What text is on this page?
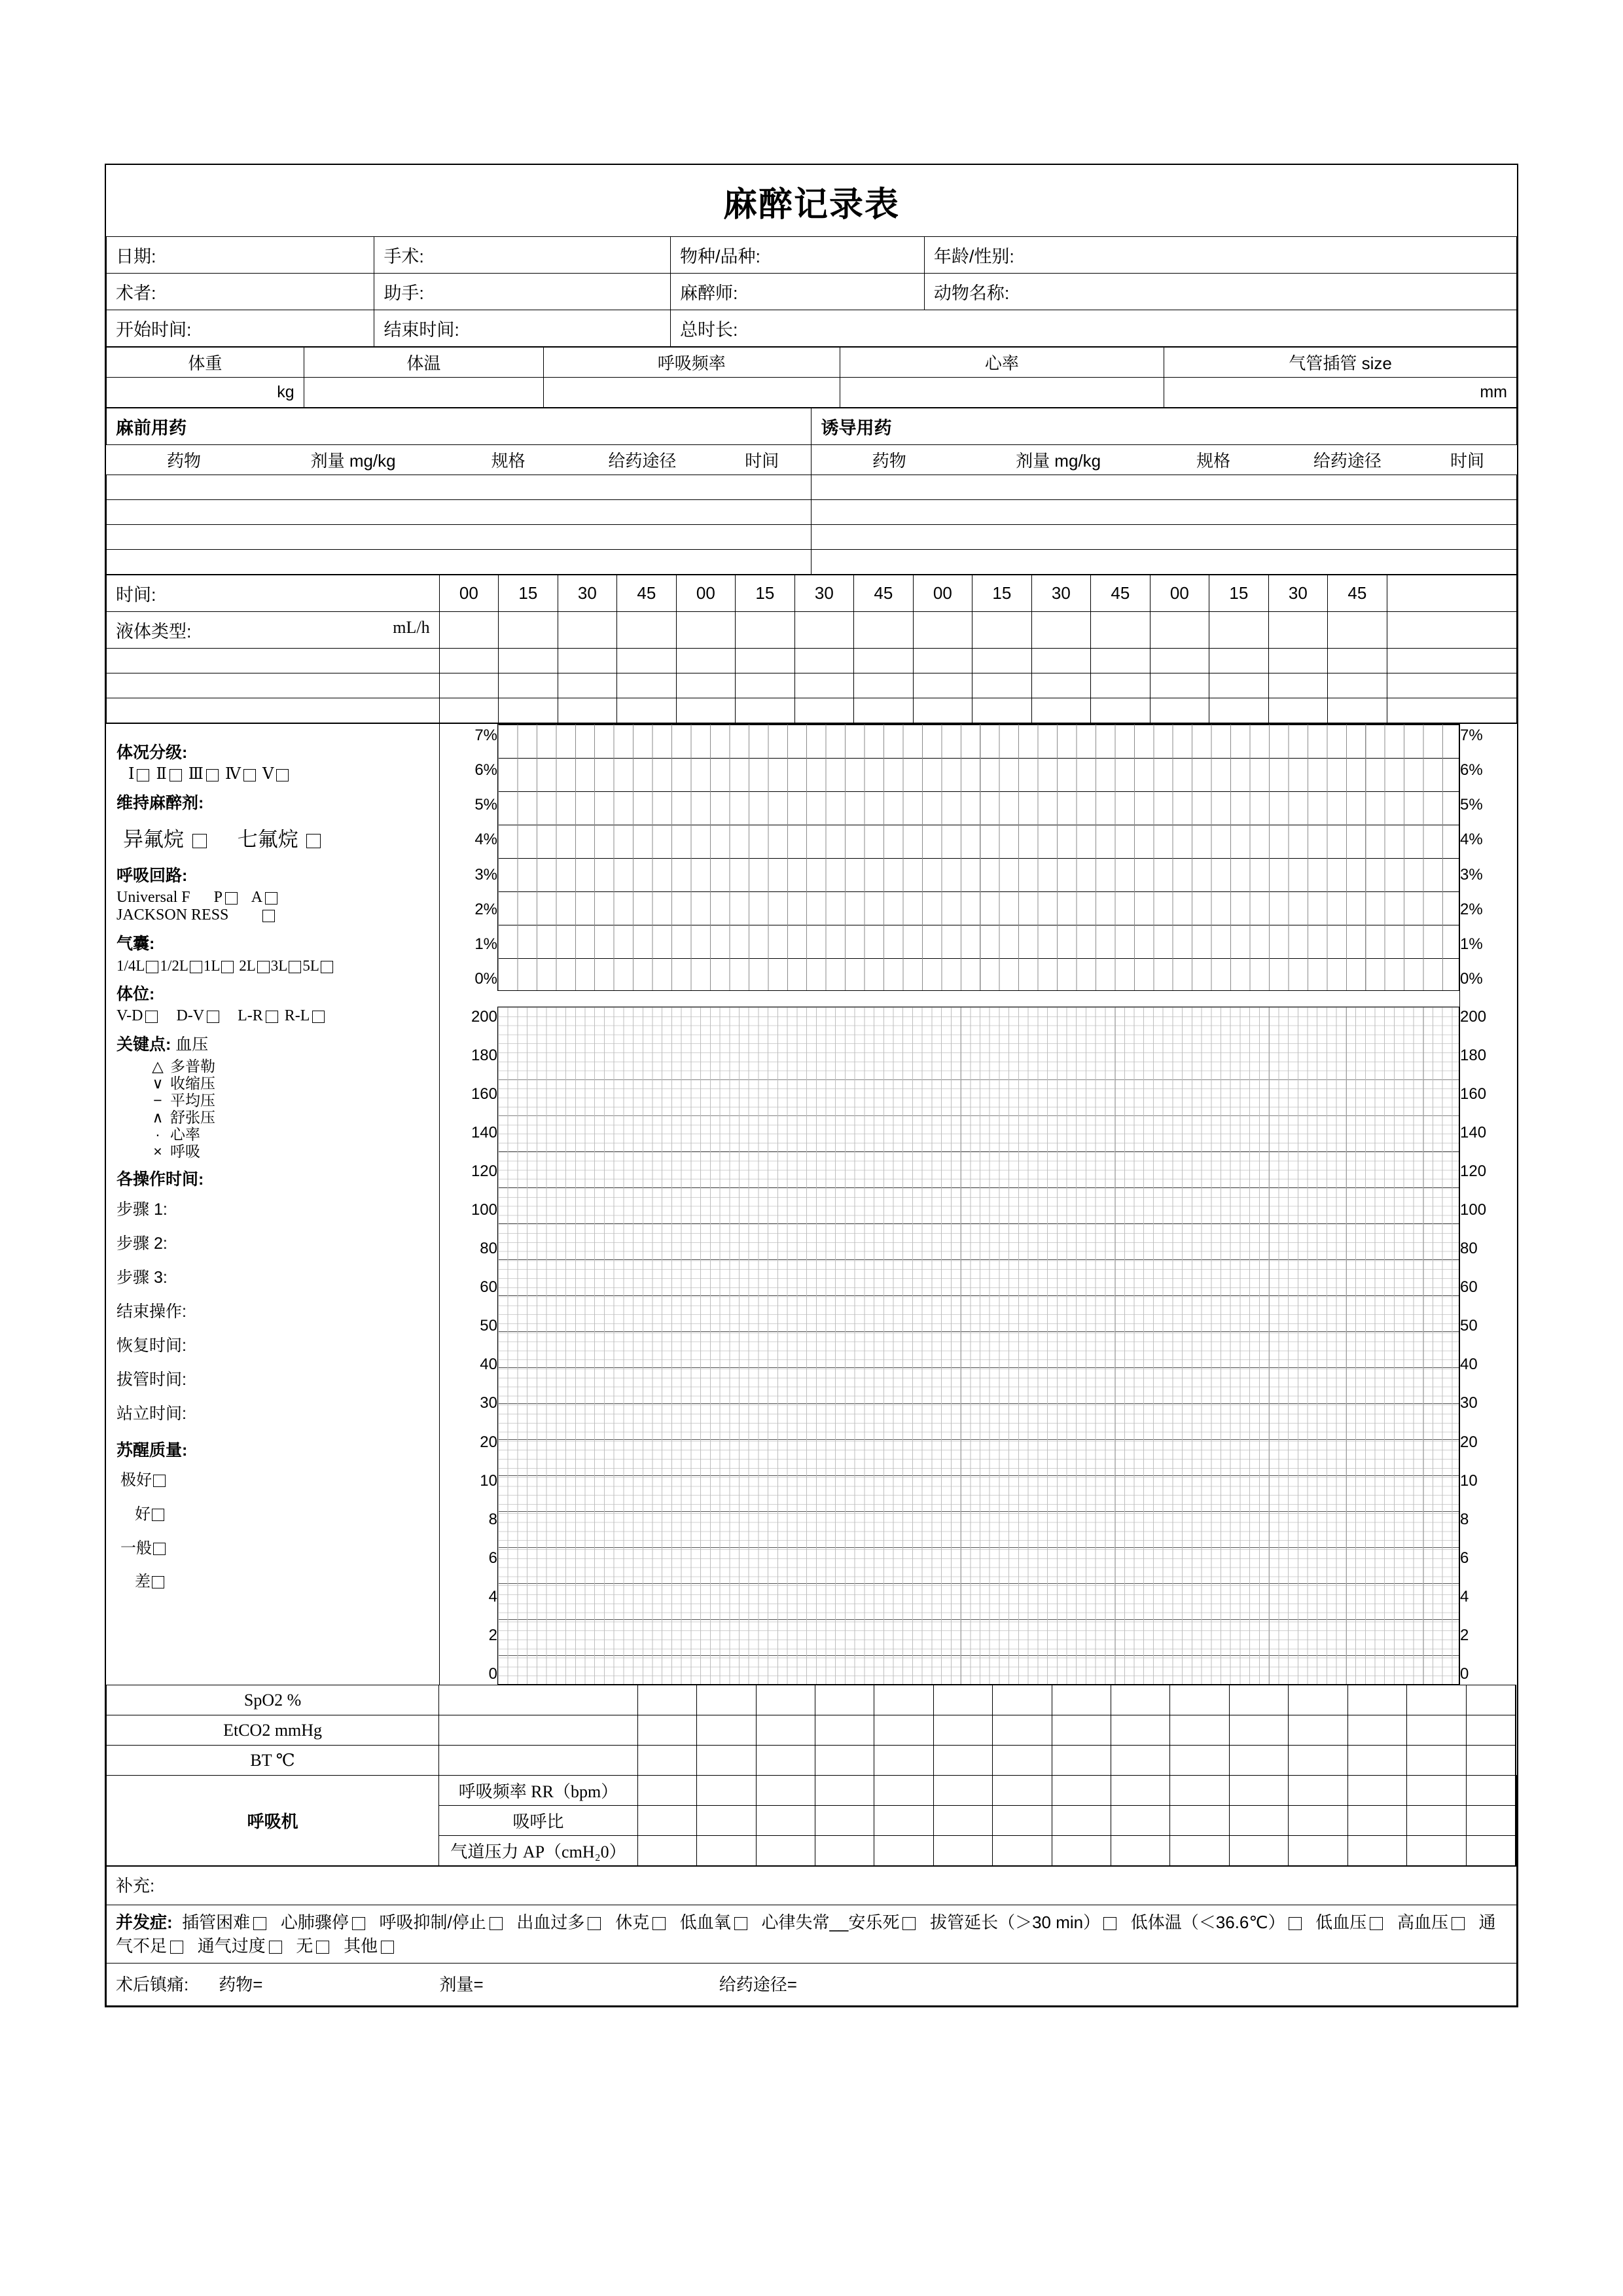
麻醉记录表
日期:	手术:	物种/品种:	年龄/性别:
术者:	助手:	麻醉师:	动物名称:
开始时间:	结束时间:	总时长:	
体重	体温	呼吸频率	心率	气管插管 size
kg				mm
麻前用药					诱导用药				
药物	剂量 mg/kg	规格	给药途径	时间	药物	剂量 mg/kg	规格	给药途径	时间

时间:	00	15	30	45	00	15	30	45	00	15	30	45	00	15	30	45	
液体类型: mL/h																	

体况分级:
Ⅰ Ⅱ Ⅲ Ⅳ Ⅴ
维持麻醉剂:
异氟烷	七氟烷
呼吸回路:
Universal F P A
JACKSON RESS
气囊:
1/4L 1/2L 1L 2L 3L 5L
体位:
V-D D-V L-R R-L
关键点: 血压
△ 多普勒
∨ 收缩压
− 平均压
∧ 舒张压
· 心率
× 呼吸
各操作时间:
步骤 1:
步骤 2:
步骤 3:
结束操作:
恢复时间:
拔管时间:
站立时间:
苏醒质量:
极好
好
一般
差
7%
6%
5%
4%
3%
2%
1%
0%
200
180
160
140
120
100
80
60
50
40
30
20
10
8
6
4
2
0
7%
6%
5%
4%
3%
2%
1%
0%
200
180
160
140
120
100
80
60
50
40
30
20
10
8
6
4
2
0
SpO2 %																	
EtCO2 mmHg																	
BT ℃																	
呼吸机	呼吸频率 RR（bpm）																	
	吸呼比																	
	气道压力 AP（cmH₂0）																	
补充:
并发症: 插管困难 心肺骤停 呼吸抑制/停止 出血过多 休克 低血氧 心律失常__安乐死 拔管延长（＞30 min） 低体温（＜36.6℃） 低血压 高血压 通气不足 通气过度 无 其他
术后镇痛: 药物=	剂量=	给药途径=
